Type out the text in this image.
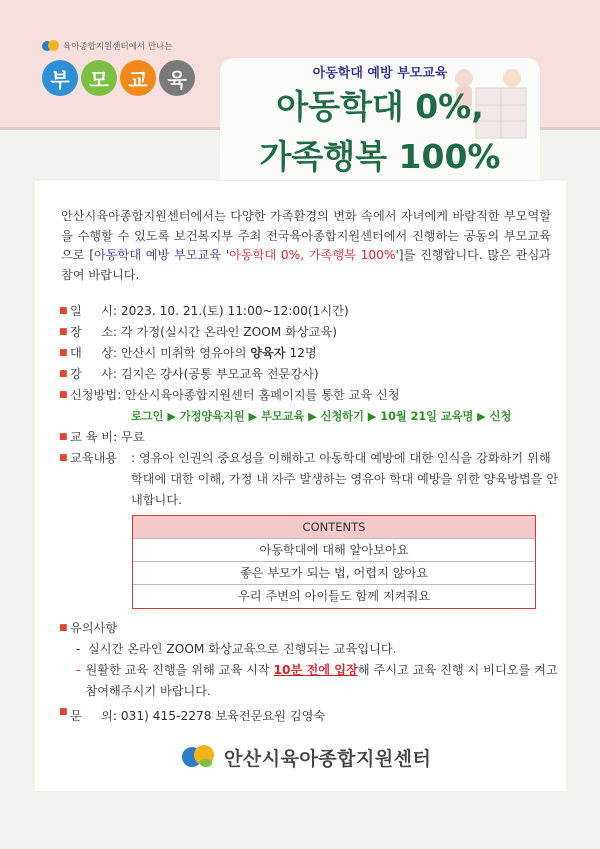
육아종합지원센터에서 만나는
부 모 교 육	아동학대 예방 부모교육
아동학대 0%,
가족행복 100%

안산시육아종합지원센터에서는 다양한 가족환경의 변화 속에서 자녀에게 바람직한 부모역할을 수행할 수 있도록 보건복지부 주최 전국육아종합지원센터에서 진행하는 공동의 부모교육으로 [아동학대 예방 부모교육 '아동학대 0%, 가족행복 100%']를 진행합니다. 많은 관심과 참여 바랍니다.

■ 일     시 : 2023. 10. 21.(토) 11:00~12:00(1시간)
■ 장     소 : 각 가정(실시간 온라인 ZOOM 화상교육)
■ 대     상 : 안산시 미취학 영유아의 양육자 12명
■ 강     사 : 김지은 강사(공통 부모교육 전문강사)
■ 신청방법 : 안산시육아종합지원센터 홈페이지를 통한 교육 신청
로그인 ▶ 가정양육지원 ▶ 부모교육 ▶ 신청하기 ▶ 10월 21일 교육명 ▶ 신청
■ 교 육 비 : 무료
■ 교육내용 : 영유아 인권의 중요성을 이해하고 아동학대 예방에 대한 인식을 강화하기 위해 학대에 대한 이해, 가정 내 자주 발생하는 영유아 학대 예방을 위한 양육방법을 안내합니다.
CONTENTS
아동학대에 대해 알아보아요
좋은 부모가 되는 법, 어렵지 않아요
우리 주변의 아이들도 함께 지켜줘요
■ 유의사항
- 실시간 온라인 ZOOM 화상교육으로 진행되는 교육입니다.
- 원활한 교육 진행을 위해 교육 시작 10분 전에 입장해 주시고 교육 진행 시 비디오를 켜고 참여해주시기 바랍니다.
■ 문     의 : 031) 415-2278 보육전문요원 김영숙
안산시육아종합지원센터
